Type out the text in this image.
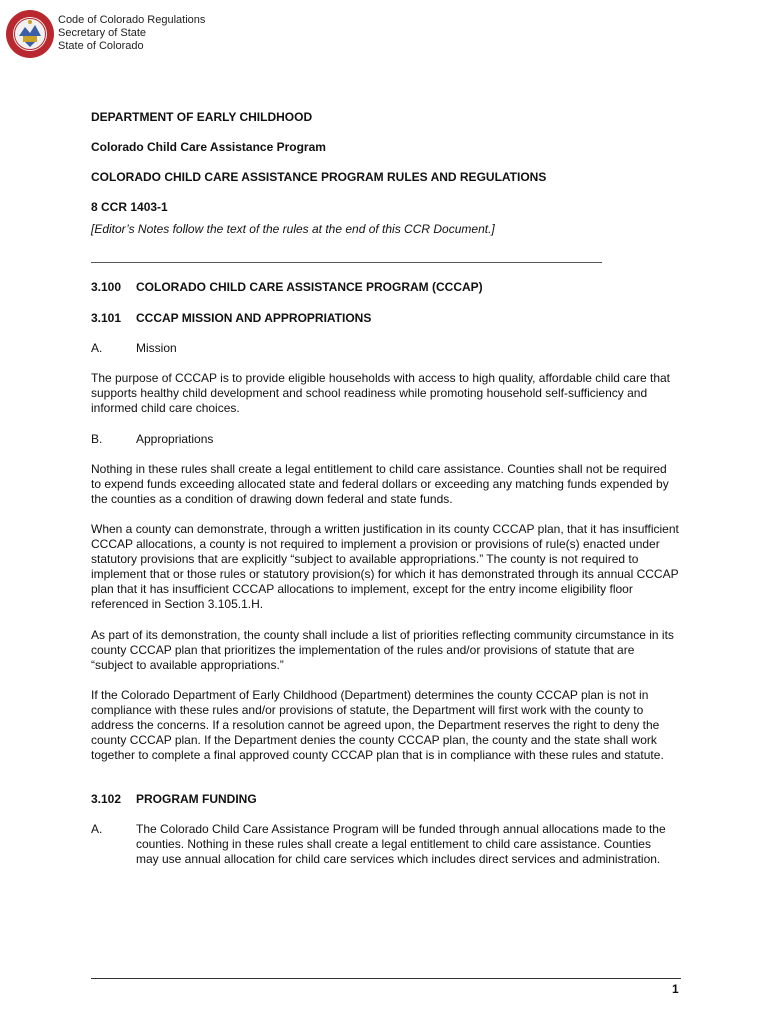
Code of Colorado Regulations
Secretary of State
State of Colorado
DEPARTMENT OF EARLY CHILDHOOD
Colorado Child Care Assistance Program
COLORADO CHILD CARE ASSISTANCE PROGRAM RULES AND REGULATIONS
8 CCR 1403-1
[Editor’s Notes follow the text of the rules at the end of this CCR Document.]
3.100 COLORADO CHILD CARE ASSISTANCE PROGRAM (CCCAP)
3.101 CCCAP MISSION AND APPROPRIATIONS
A.	Mission
The purpose of CCCAP is to provide eligible households with access to high quality, affordable child care that supports healthy child development and school readiness while promoting household self-sufficiency and informed child care choices.
B.	Appropriations
Nothing in these rules shall create a legal entitlement to child care assistance. Counties shall not be required to expend funds exceeding allocated state and federal dollars or exceeding any matching funds expended by the counties as a condition of drawing down federal and state funds.
When a county can demonstrate, through a written justification in its county CCCAP plan, that it has insufficient CCCAP allocations, a county is not required to implement a provision or provisions of rule(s) enacted under statutory provisions that are explicitly “subject to available appropriations.” The county is not required to implement that or those rules or statutory provision(s) for which it has demonstrated through its annual CCCAP plan that it has insufficient CCCAP allocations to implement, except for the entry income eligibility floor referenced in Section 3.105.1.H.
As part of its demonstration, the county shall include a list of priorities reflecting community circumstance in its county CCCAP plan that prioritizes the implementation of the rules and/or provisions of statute that are “subject to available appropriations.”
If the Colorado Department of Early Childhood (Department) determines the county CCCAP plan is not in compliance with these rules and/or provisions of statute, the Department will first work with the county to address the concerns. If a resolution cannot be agreed upon, the Department reserves the right to deny the county CCCAP plan. If the Department denies the county CCCAP plan, the county and the state shall work together to complete a final approved county CCCAP plan that is in compliance with these rules and statute.
3.102 PROGRAM FUNDING
A.	The Colorado Child Care Assistance Program will be funded through annual allocations made to the counties. Nothing in these rules shall create a legal entitlement to child care assistance. Counties may use annual allocation for child care services which includes direct services and administration.
1
